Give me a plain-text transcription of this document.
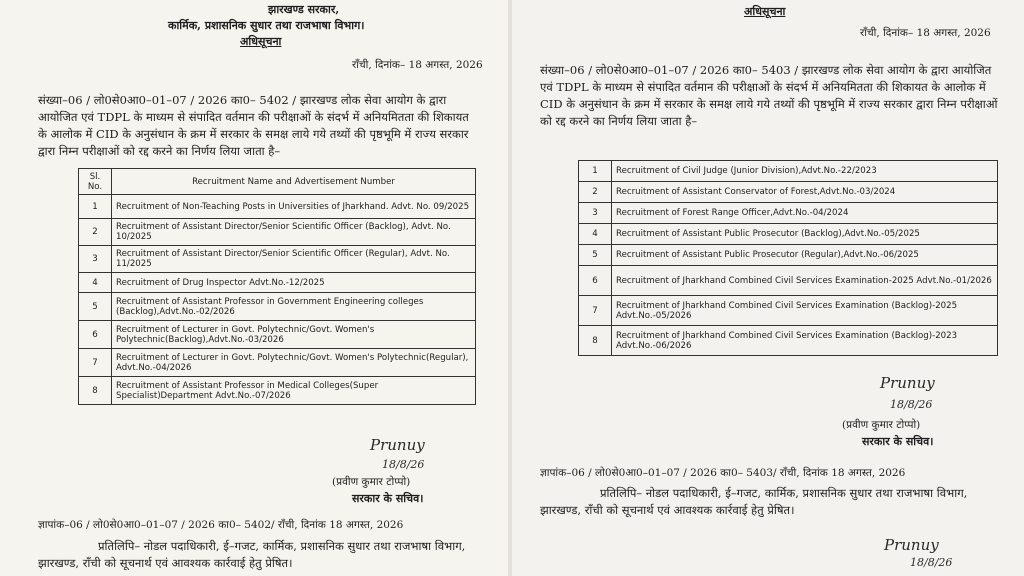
झारखण्ड सरकार,
कार्मिक, प्रशासनिक सुधार तथा राजभाषा विभाग।
अधिसूचना
राँची, दिनांक– 18 अगस्त, 2026
संख्या–06 / लो0से0आ0–01–07 / 2026 का0– 5402 / झारखण्ड लोक सेवा आयोग के द्वारा आयोजित एवं TDPL के माध्यम से संपादित वर्तमान की परीक्षाओं के संदर्भ में अनियमितता की शिकायत के आलोक में CID के अनुसंधान के क्रम में सरकार के समक्ष लाये गये तथ्यों की पृष्ठभूमि में राज्य सरकार द्वारा निम्न परीक्षाओं को रद्द करने का निर्णय लिया जाता है–
Sl. No.	Recruitment Name and Advertisement Number
1	Recruitment of Non-Teaching Posts in Universities of Jharkhand. Advt. No. 09/2025
2	Recruitment of Assistant Director/Senior Scientific Officer (Backlog), Advt. No. 10/2025
3	Recruitment of Assistant Director/Senior Scientific Officer (Regular), Advt. No. 11/2025
4	Recruitment of Drug Inspector Advt.No.-12/2025
5	Recruitment of Assistant Professor in Government Engineering colleges (Backlog),Advt.No.-02/2026
6	Recruitment of Lecturer in Govt. Polytechnic/Govt. Women's Polytechnic(Backlog),Advt.No.-03/2026
7	Recruitment of Lecturer in Govt. Polytechnic/Govt. Women's Polytechnic(Regular), Advt.No.-04/2026
8	Recruitment of Assistant Professor in Medical Colleges(Super Specialist)Department Advt.No.-07/2026
Prunuy
18/8/26
(प्रवीण कुमार टोप्पो)
सरकार के सचिव।
ज्ञापांक–06 / लो0से0आ0–01–07 / 2026 का0– 5402/ राँची, दिनांक 18 अगस्त, 2026
प्रतिलिपि– नोडल पदाधिकारी, ई–गजट, कार्मिक, प्रशासनिक सुधार तथा राजभाषा विभाग, झारखण्ड, राँची को सूचनार्थ एवं आवश्यक कार्रवाई हेतु प्रेषित।
अधिसूचना
राँची, दिनांक– 18 अगस्त, 2026
संख्या–06 / लो0से0आ0–01–07 / 2026 का0– 5403 / झारखण्ड लोक सेवा आयोग के द्वारा आयोजित एवं TDPL के माध्यम से संपादित वर्तमान की परीक्षाओं के संदर्भ में अनियमितता की शिकायत के आलोक में CID के अनुसंधान के क्रम में सरकार के समक्ष लाये गये तथ्यों की पृष्ठभूमि में राज्य सरकार द्वारा निम्न परीक्षाओं को रद्द करने का निर्णय लिया जाता है–
1	Recruitment of Civil Judge (Junior Division),Advt.No.-22/2023
2	Recruitment of Assistant Conservator of Forest,Advt.No.-03/2024
3	Recruitment of Forest Range Officer,Advt.No.-04/2024
4	Recruitment of Assistant Public Prosecutor (Backlog),Advt.No.-05/2025
5	Recruitment of Assistant Public Prosecutor (Regular),Advt.No.-06/2025
6	Recruitment of Jharkhand Combined Civil Services Examination-2025 Advt.No.-01/2026
7	Recruitment of Jharkhand Combined Civil Services Examination (Backlog)-2025 Advt.No.-05/2026
8	Recruitment of Jharkhand Combined Civil Services Examination (Backlog)-2023 Advt.No.-06/2026
Prunuy
18/8/26
(प्रवीण कुमार टोप्पो)
सरकार के सचिव।
ज्ञापांक–06 / लो0से0आ0–01–07 / 2026 का0– 5403/ राँची, दिनांक 18 अगस्त, 2026
प्रतिलिपि– नोडल पदाधिकारी, ई–गजट, कार्मिक, प्रशासनिक सुधार तथा राजभाषा विभाग, झारखण्ड, राँची को सूचनार्थ एवं आवश्यक कार्रवाई हेतु प्रेषित।
Prunuy
18/8/26
